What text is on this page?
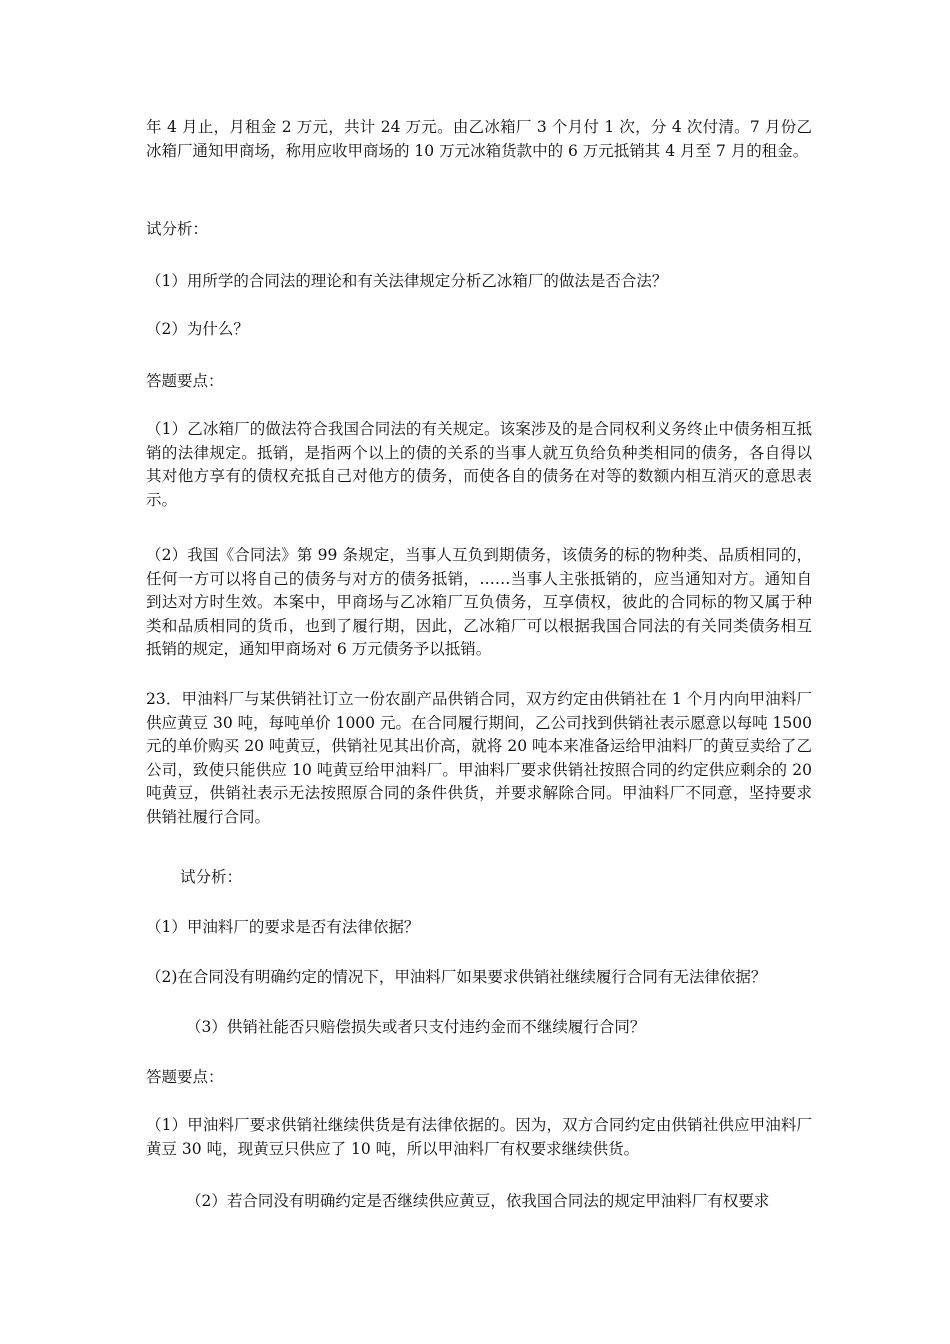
年 4 月止，月租金 2 万元，共计 24 万元。由乙冰箱厂 3 个月付 1 次，分 4 次付清。7 月份乙冰箱厂通知甲商场，称用应收甲商场的 10 万元冰箱货款中的 6 万元抵销其 4 月至 7 月的租金。

试分析：

（1）用所学的合同法的理论和有关法律规定分析乙冰箱厂的做法是否合法？

（2）为什么？

答题要点：

（1）乙冰箱厂的做法符合我国合同法的有关规定。该案涉及的是合同权利义务终止中债务相互抵销的法律规定。抵销，是指两个以上的债的关系的当事人就互负给负种类相同的债务，各自得以其对他方享有的债权充抵自己对他方的债务，而使各自的债务在对等的数额内相互消灭的意思表示。

（2）我国《合同法》第 99 条规定，当事人互负到期债务，该债务的标的物种类、品质相同的，任何一方可以将自己的债务与对方的债务抵销，……当事人主张抵销的，应当通知对方。通知自到达对方时生效。本案中，甲商场与乙冰箱厂互负债务，互享债权，彼此的合同标的物又属于种类和品质相同的货币，也到了履行期，因此，乙冰箱厂可以根据我国合同法的有关同类债务相互抵销的规定，通知甲商场对 6 万元债务予以抵销。

23．甲油料厂与某供销社订立一份农副产品供销合同，双方约定由供销社在 1 个月内向甲油料厂供应黄豆 30 吨，每吨单价 1000 元。在合同履行期间，乙公司找到供销社表示愿意以每吨 1500 元的单价购买 20 吨黄豆，供销社见其出价高，就将 20 吨本来准备运给甲油料厂的黄豆卖给了乙公司，致使只能供应 10 吨黄豆给甲油料厂。甲油料厂要求供销社按照合同的约定供应剩余的 20 吨黄豆，供销社表示无法按照原合同的条件供货，并要求解除合同。甲油料厂不同意，坚持要求供销社履行合同。

试分析：

（1）甲油料厂的要求是否有法律依据？

（2)在合同没有明确约定的情况下，甲油料厂如果要求供销社继续履行合同有无法律依据？

（3）供销社能否只赔偿损失或者只支付违约金而不继续履行合同？

答题要点：

（1）甲油料厂要求供销社继续供货是有法律依据的。因为，双方合同约定由供销社供应甲油料厂黄豆 30 吨，现黄豆只供应了 10 吨，所以甲油料厂有权要求继续供货。

（2）若合同没有明确约定是否继续供应黄豆，依我国合同法的规定甲油料厂有权要求
